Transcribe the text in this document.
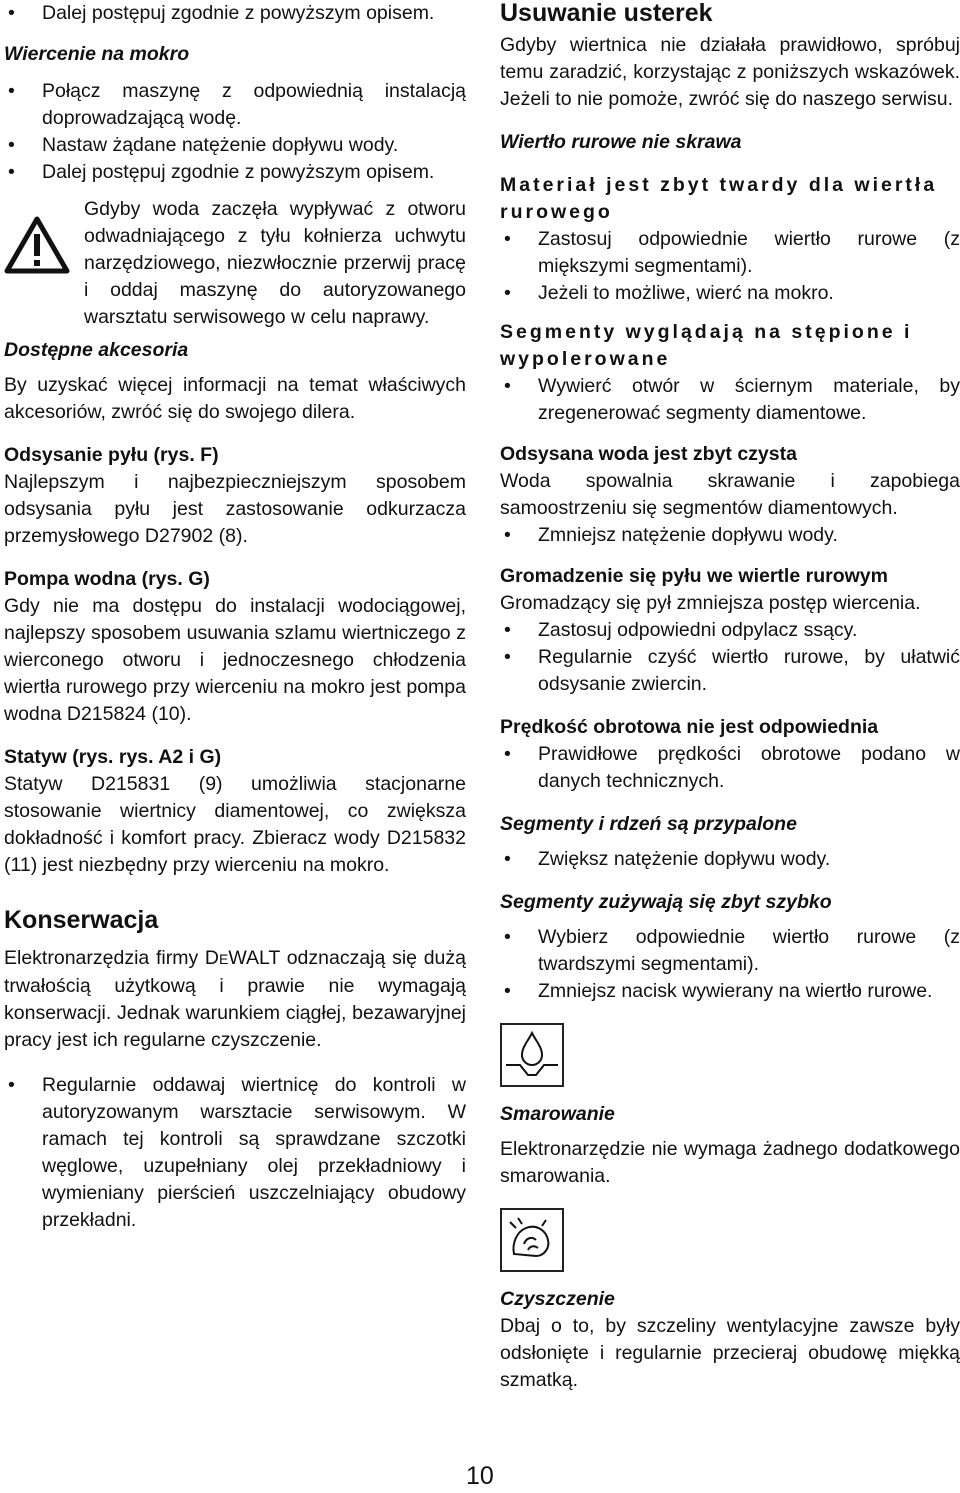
• Dalej postępuj zgodnie z powyższym opisem.
Wiercenie na mokro
• Połącz maszynę z odpowiednią instalacją doprowadzającą wodę.
• Nastaw żądane natężenie dopływu wody.
• Dalej postępuj zgodnie z powyższym opisem.

Gdyby woda zaczęła wypływać z otworu odwadniającego z tyłu kołnierza uchwytu narzędziowego, niezwłocznie przerwij pracę i oddaj maszynę do autoryzowanego warsztatu serwisowego w celu naprawy.

Dostępne akcesoria

By uzyskać więcej informacji na temat właściwych akcesoriów, zwróć się do swojego dilera.

Odsysanie pyłu (rys. F)

Najlepszym i najbezpieczniejszym sposobem odsysania pyłu jest zastosowanie odkurzacza przemysłowego D27902 (8).

Pompa wodna (rys. G)

Gdy nie ma dostępu do instalacji wodociągowej, najlepszy sposobem usuwania szlamu wiertniczego z wierconego otworu i jednoczesnego chłodzenia wiertła rurowego przy wierceniu na mokro jest pompa wodna D215824 (10).

Statyw (rys. rys. A2 i G)

Statyw D215831 (9) umożliwia stacjonarne stosowanie wiertnicy diamentowej, co zwiększa dokładność i komfort pracy. Zbieracz wody D215832 (11) jest niezbędny przy wierceniu na mokro.

Konserwacja

Elektronarzędzia firmy DEWALT odznaczają się dużą trwałością użytkową i prawie nie wymagają konserwacji. Jednak warunkiem ciągłej, bezawaryjnej pracy jest ich regularne czyszczenie.

• Regularnie oddawaj wiertnicę do kontroli w autoryzowanym warsztacie serwisowym. W ramach tej kontroli są sprawdzane szczotki węglowe, uzupełniany olej przekładniowy i wymieniany pierścień uszczelniający obudowy przekładni.
Usuwanie usterek

Gdyby wiertnica nie działała prawidłowo, spróbuj temu zaradzić, korzystając z poniższych wskazówek. Jeżeli to nie pomoże, zwróć się do naszego serwisu.

Wiertło rurowe nie skrawa
Materiał jest zbyt twardy dla wiertła rurowego
• Zastosuj odpowiednie wiertło rurowe (z miększymi segmentami).
• Jeżeli to możliwe, wierć na mokro.
Segmenty wyglądają na stępione i wypolerowane
• Wywierć otwór w ściernym materiale, by zregenerować segmenty diamentowe.
Odsysana woda jest zbyt czysta

Woda spowalnia skrawanie i zapobiega samoostrzeniu się segmentów diamentowych.

• Zmniejsz natężenie dopływu wody.
Gromadzenie się pyłu we wiertle rurowym

Gromadzący się pył zmniejsza postęp wiercenia.

• Zastosuj odpowiedni odpylacz ssący.
• Regularnie czyść wiertło rurowe, by ułatwić odsysanie zwiercin.
Prędkość obrotowa nie jest odpowiednia
• Prawidłowe prędkości obrotowe podano w danych technicznych.
Segmenty i rdzeń są przypalone
• Zwiększ natężenie dopływu wody.
Segmenty zużywają się zbyt szybko
• Wybierz odpowiednie wiertło rurowe (z twardszymi segmentami).
• Zmniejsz nacisk wywierany na wiertło rurowe.
Smarowanie

Elektronarzędzie nie wymaga żadnego dodatkowego smarowania.

Czyszczenie

Dbaj o to, by szczeliny wentylacyjne zawsze były odsłonięte i regularnie przecieraj obudowę miękką szmatką.

10
